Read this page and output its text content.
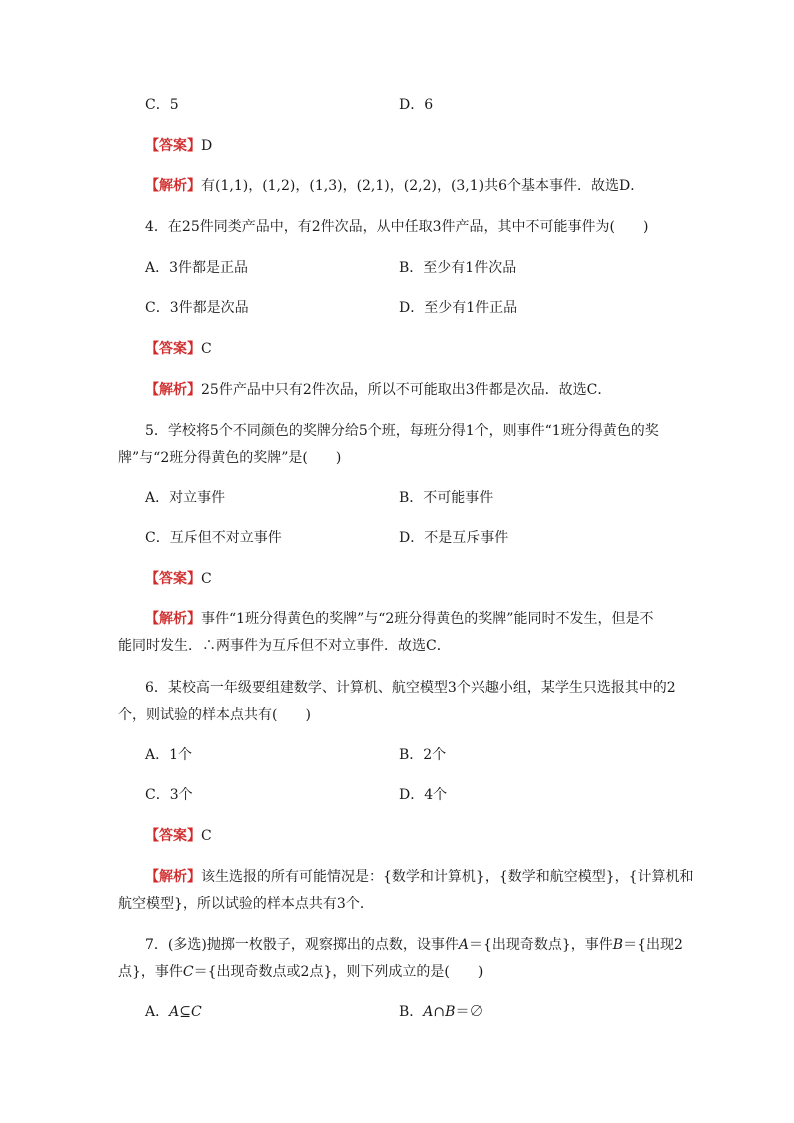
C．5	D．6
【答案】D
【解析】有(1,1)，(1,2)，(1,3)，(2,1)，(2,2)，(3,1)共6个基本事件．故选D．
4．在25件同类产品中，有2件次品，从中任取3件产品，其中不可能事件为(　　)
A．3件都是正品	B．至少有1件次品
C．3件都是次品	D．至少有1件正品
【答案】C
【解析】25件产品中只有2件次品，所以不可能取出3件都是次品．故选C．
5．学校将5个不同颜色的奖牌分给5个班，每班分得1个，则事件“1班分得黄色的奖
牌”与“2班分得黄色的奖牌”是(　　)
A．对立事件	B．不可能事件
C．互斥但不对立事件	D．不是互斥事件
【答案】C
【解析】事件“1班分得黄色的奖牌”与“2班分得黄色的奖牌”能同时不发生，但是不
能同时发生．∴两事件为互斥但不对立事件．故选C．
6．某校高一年级要组建数学、计算机、航空模型3个兴趣小组，某学生只选报其中的2
个，则试验的样本点共有(　　)
A．1个	B．2个
C．3个	D．4个
【答案】C
【解析】该生选报的所有可能情况是：{数学和计算机}，{数学和航空模型}，{计算机和
航空模型}，所以试验的样本点共有3个．
7．(多选)抛掷一枚骰子，观察掷出的点数，设事件A＝{出现奇数点}，事件B＝{出现2
点}，事件C＝{出现奇数点或2点}，则下列成立的是(　　)
A．A⊆C	B．A∩B＝∅
